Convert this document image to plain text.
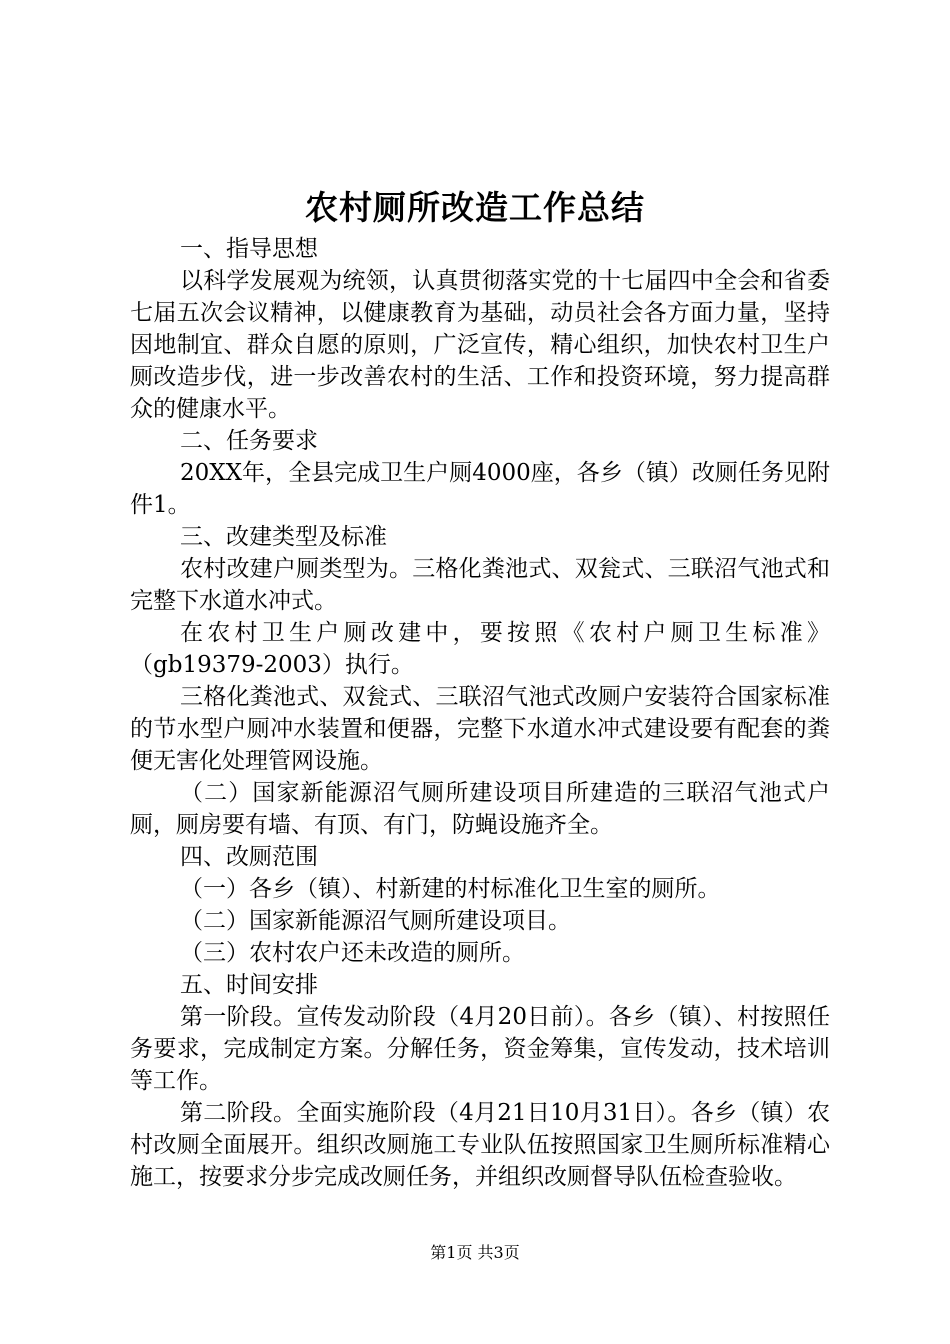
农村厕所改造工作总结

一、指导思想

以科学发展观为统领，认真贯彻落实党的十七届四中全会和省委七届五次会议精神，以健康教育为基础，动员社会各方面力量，坚持因地制宜、群众自愿的原则，广泛宣传，精心组织，加快农村卫生户厕改造步伐，进一步改善农村的生活、工作和投资环境，努力提高群众的健康水平。

二、任务要求

20XX年，全县完成卫生户厕4000座，各乡（镇）改厕任务见附件1。

三、改建类型及标准

农村改建户厕类型为。三格化粪池式、双瓮式、三联沼气池式和完整下水道水冲式。

在农村卫生户厕改建中，要按照《农村户厕卫生标准》（gb19379-2003）执行。

三格化粪池式、双瓮式、三联沼气池式改厕户安装符合国家标准的节水型户厕冲水装置和便器，完整下水道水冲式建设要有配套的粪便无害化处理管网设施。

（二）国家新能源沼气厕所建设项目所建造的三联沼气池式户厕，厕房要有墙、有顶、有门，防蝇设施齐全。

四、改厕范围

（一）各乡（镇）、村新建的村标准化卫生室的厕所。

（二）国家新能源沼气厕所建设项目。

（三）农村农户还未改造的厕所。

五、时间安排

第一阶段。宣传发动阶段（4月20日前）。各乡（镇）、村按照任务要求，完成制定方案。分解任务，资金筹集，宣传发动，技术培训等工作。

第二阶段。全面实施阶段（4月21日10月31日）。各乡（镇）农村改厕全面展开。组织改厕施工专业队伍按照国家卫生厕所标准精心施工，按要求分步完成改厕任务，并组织改厕督导队伍检查验收。

第1页 共3页
